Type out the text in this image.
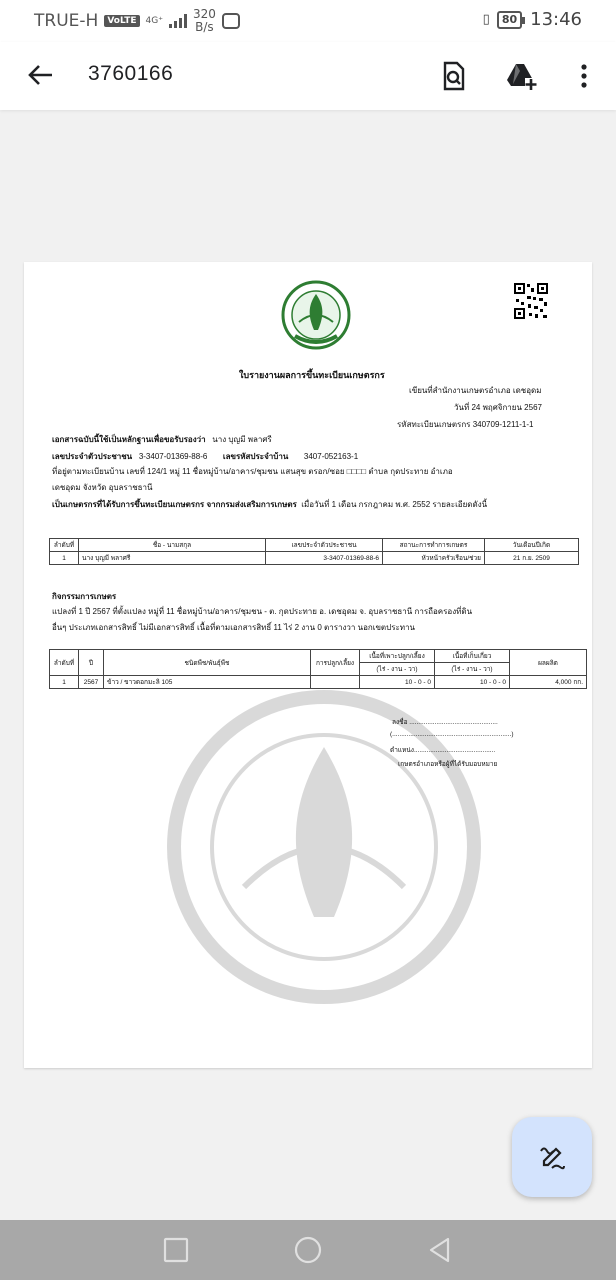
TRUE-H	VoLTE	4G⁺	320
B/s	▯	80 13:46
3760166
ใบรายงานผลการขึ้นทะเบียนเกษตรกร
เขียนที่สำนักงานเกษตรอำเภอ เดชอุดม
วันที่ 24 พฤศจิกายน 2567
รหัสทะเบียนเกษตรกร 340709-1211-1-1
เอกสารฉบับนี้ใช้เป็นหลักฐานเพื่อขอรับรองว่า นาง บุญมี พลาศรี
เลขประจำตัวประชาชน 3-3407-01369-88-6 เลขรหัสประจำบ้าน 3407-052163-1
ที่อยู่ตามทะเบียนบ้าน เลขที่ 124/1 หมู่ 11 ชื่อหมู่บ้าน/อาคาร/ชุมชน แสนสุข ตรอก/ซอย □□□□ ตำบล กุดประทาย อำเภอ
เดชอุดม จังหวัด อุบลราชธานี
เป็นเกษตรกรที่ได้รับการขึ้นทะเบียนเกษตรกร จากกรมส่งเสริมการเกษตร เมื่อวันที่ 1 เดือน กรกฎาคม พ.ศ. 2552 รายละเอียดดังนี้
ลำดับที่	ชื่อ - นามสกุล	เลขประจำตัวประชาชน	สถานะการทำการเกษตร	วันเดือนปีเกิด
1	นาง บุญมี พลาศรี	3-3407-01369-88-6	หัวหน้าครัวเรือน/ช่วย	21 ก.ย. 2509
กิจกรรมการเกษตร
แปลงที่ 1 ปี 2567 ที่ตั้งแปลง หมู่ที่ 11 ชื่อหมู่บ้าน/อาคาร/ชุมชน - ต. กุดประทาย อ. เดชอุดม จ. อุบลราชธานี การถือครองที่ดิน
อื่นๆ ประเภทเอกสารสิทธิ์ ไม่มีเอกสารสิทธิ์ เนื้อที่ตามเอกสารสิทธิ์ 11 ไร่ 2 งาน 0 ตารางวา นอกเขตประทาน
ลำดับที่	ปี	ชนิดพืช/พันธุ์พืช	การปลูก/เลี้ยง	เนื้อที่เพาะปลูก/เลี้ยง	เนื้อที่เก็บเกี่ยว	ผลผลิต
				(ไร่ - งาน - วา)	(ไร่ - งาน - วา)	
1	2567	ข้าว / ขาวดอกมะลิ 105		10 - 0 - 0	10 - 0 - 0	4,000 กก.
ลงชื่อ .................................................
(..................................................................)
ตำแหน่ง.............................................
เกษตรอำเภอหรือผู้ที่ได้รับมอบหมาย
